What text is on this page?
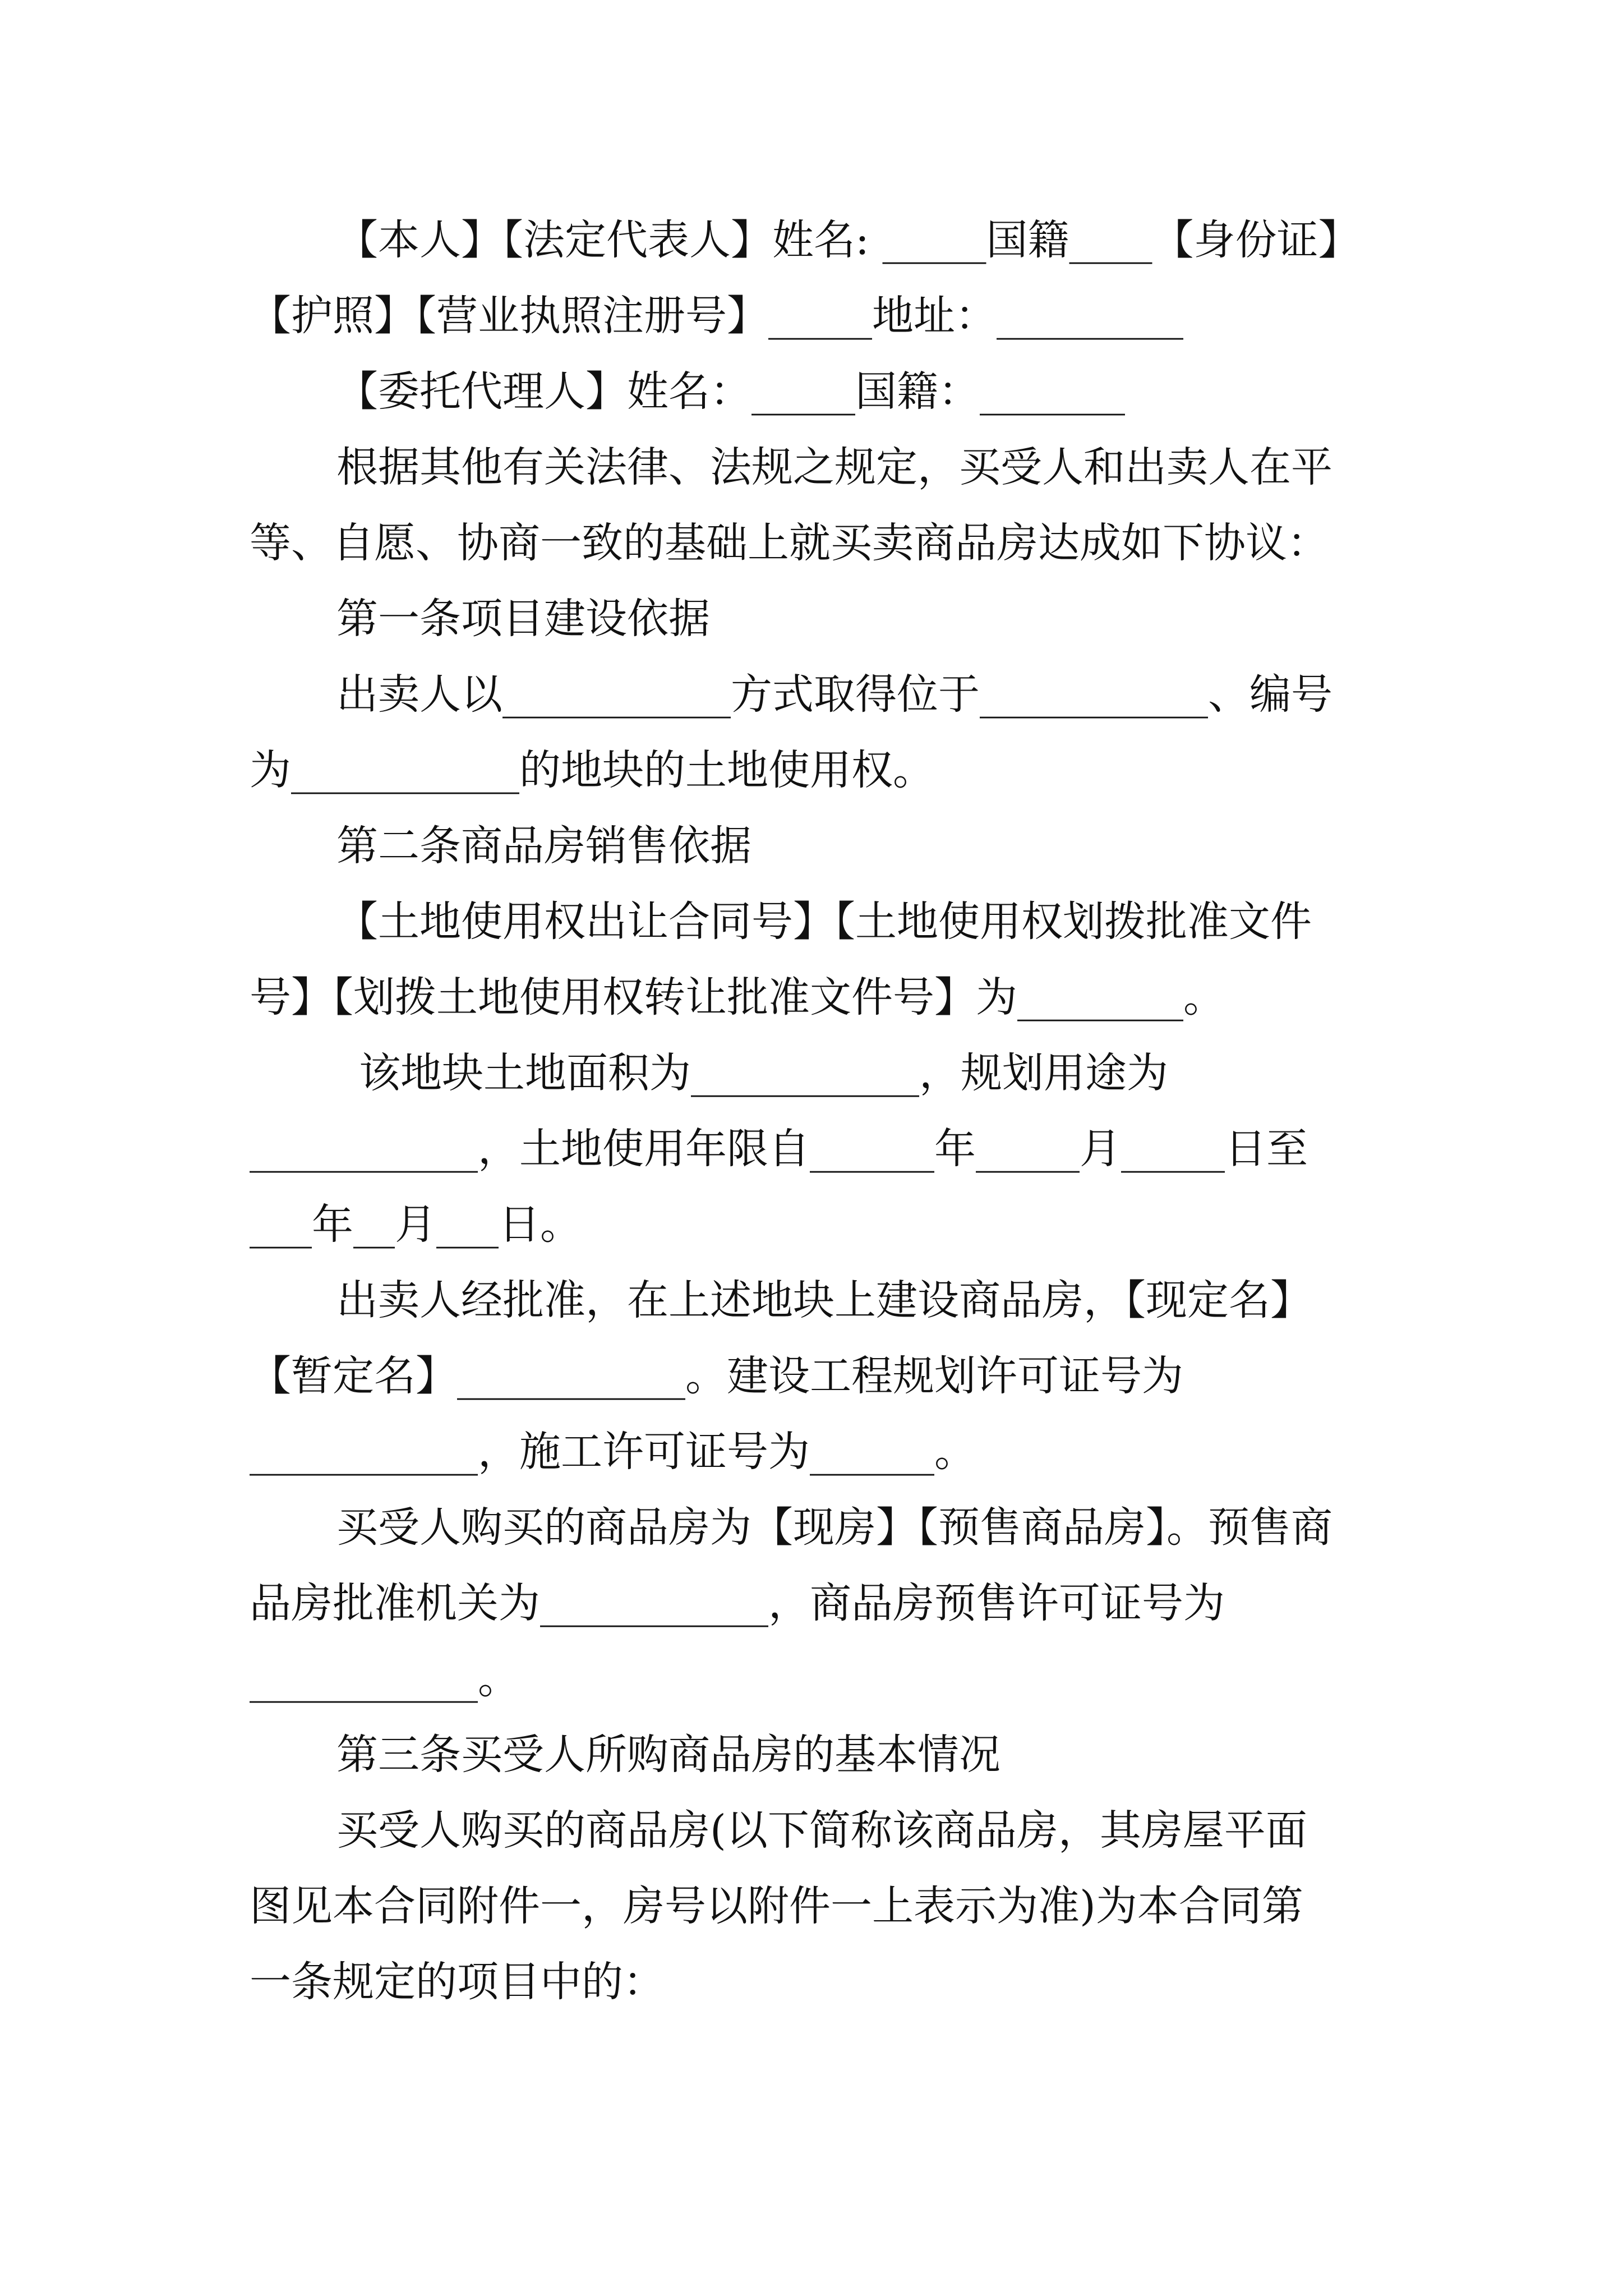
【本人】【法定代表人】姓名: _____国籍____【身份证】
【护照】【营业执照注册号】_____地址：_________
【委托代理人】姓名：_____国籍：_______
根据其他有关法律、法规之规定，买受人和出卖人在平
等、自愿、协商一致的基础上就买卖商品房达成如下协议：
第一条项目建设依据
出卖人以___________方式取得位于___________、编号
为___________的地块的土地使用权。
第二条商品房销售依据
【土地使用权出让合同号】【土地使用权划拨批准文件
号】【划拨土地使用权转让批准文件号】为________。
该地块土地面积为___________，规划用途为
___________，土地使用年限自______年_____月_____日至
___年__月___日。
出卖人经批准，在上述地块上建设商品房，【现定名】
【暂定名】___________。建设工程规划许可证号为
___________，施工许可证号为______。
买受人购买的商品房为【现房】【预售商品房】。预售商
品房批准机关为___________，商品房预售许可证号为
___________。
第三条买受人所购商品房的基本情况
买受人购买的商品房(以下简称该商品房，其房屋平面
图见本合同附件一，房号以附件一上表示为准)为本合同第
一条规定的项目中的：
